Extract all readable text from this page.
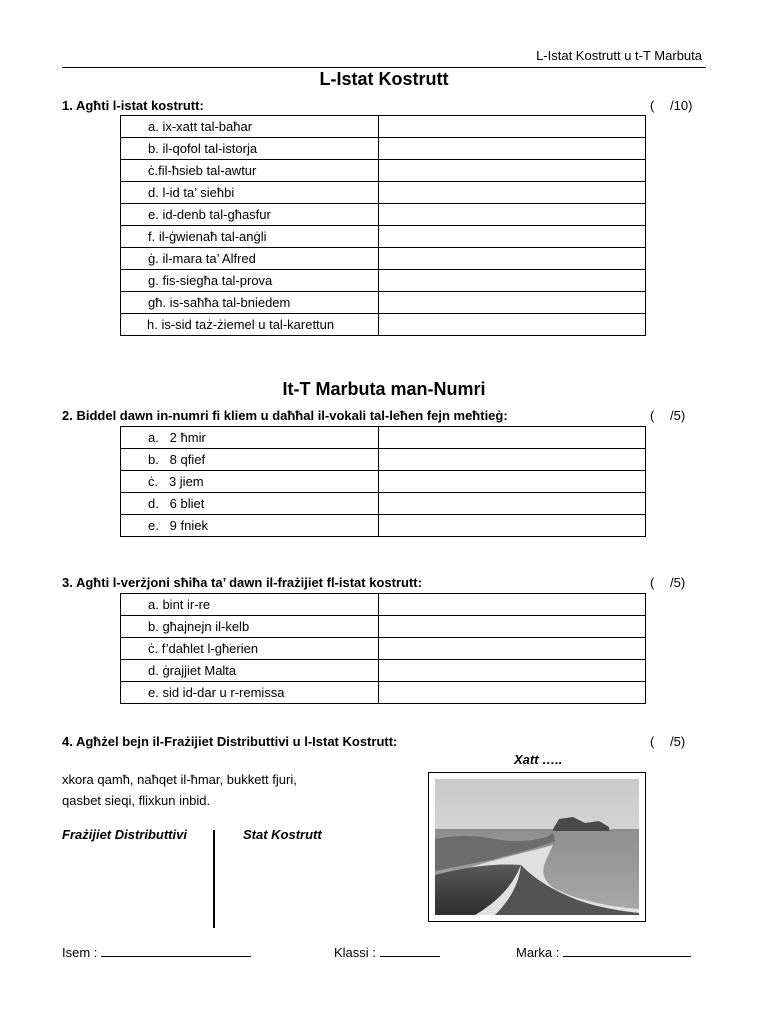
L-Istat Kostrutt u t-T Marbuta
L-Istat Kostrutt
1. Agħti l-istat kostrutt:	( /10)
a. ix-xatt tal-baħar	
b. il-qofol tal-istorja	
ċ.fil-ħsieb tal-awtur	
d. l-id ta’ sieħbi	
e. id-denb tal-għasfur	
f. il-ġwienaħ tal-anġli	
ġ. il-mara ta’ Alfred	
g. fis-siegħa tal-prova	
għ. is-saħħa tal-bniedem	
h. is-sid taż-żiemel u tal-karettun	
It-T Marbuta man-Numri
2. Biddel dawn in-numri fi kliem u daħħal il-vokali tal-leħen fejn meħtieġ:	( /5)
a.   2 ħmir	
b.   8 qfief	
ċ.   3 jiem	
d.   6 bliet	
e.   9 fniek	
3. Agħti l-verżjoni sħiħa ta’ dawn il-frażijiet fl-istat kostrutt:	( /5)
a. bint ir-re	
b. għajnejn il-kelb	
ċ. f’daħlet l-għerien	
d. ġrajjiet Malta	
e. sid id-dar u r-remissa	
4. Agħżel bejn il-Frażijiet Distributtivi u l-Istat Kostrutt:	( /5)
Xatt …..
xkora qamħ, naħqet il-ħmar, bukkett fjuri,
qasbet sieqi, flixkun inbid.
Frażijiet Distributtivi	Stat Kostrutt
Isem :	Klassi :	Marka :
